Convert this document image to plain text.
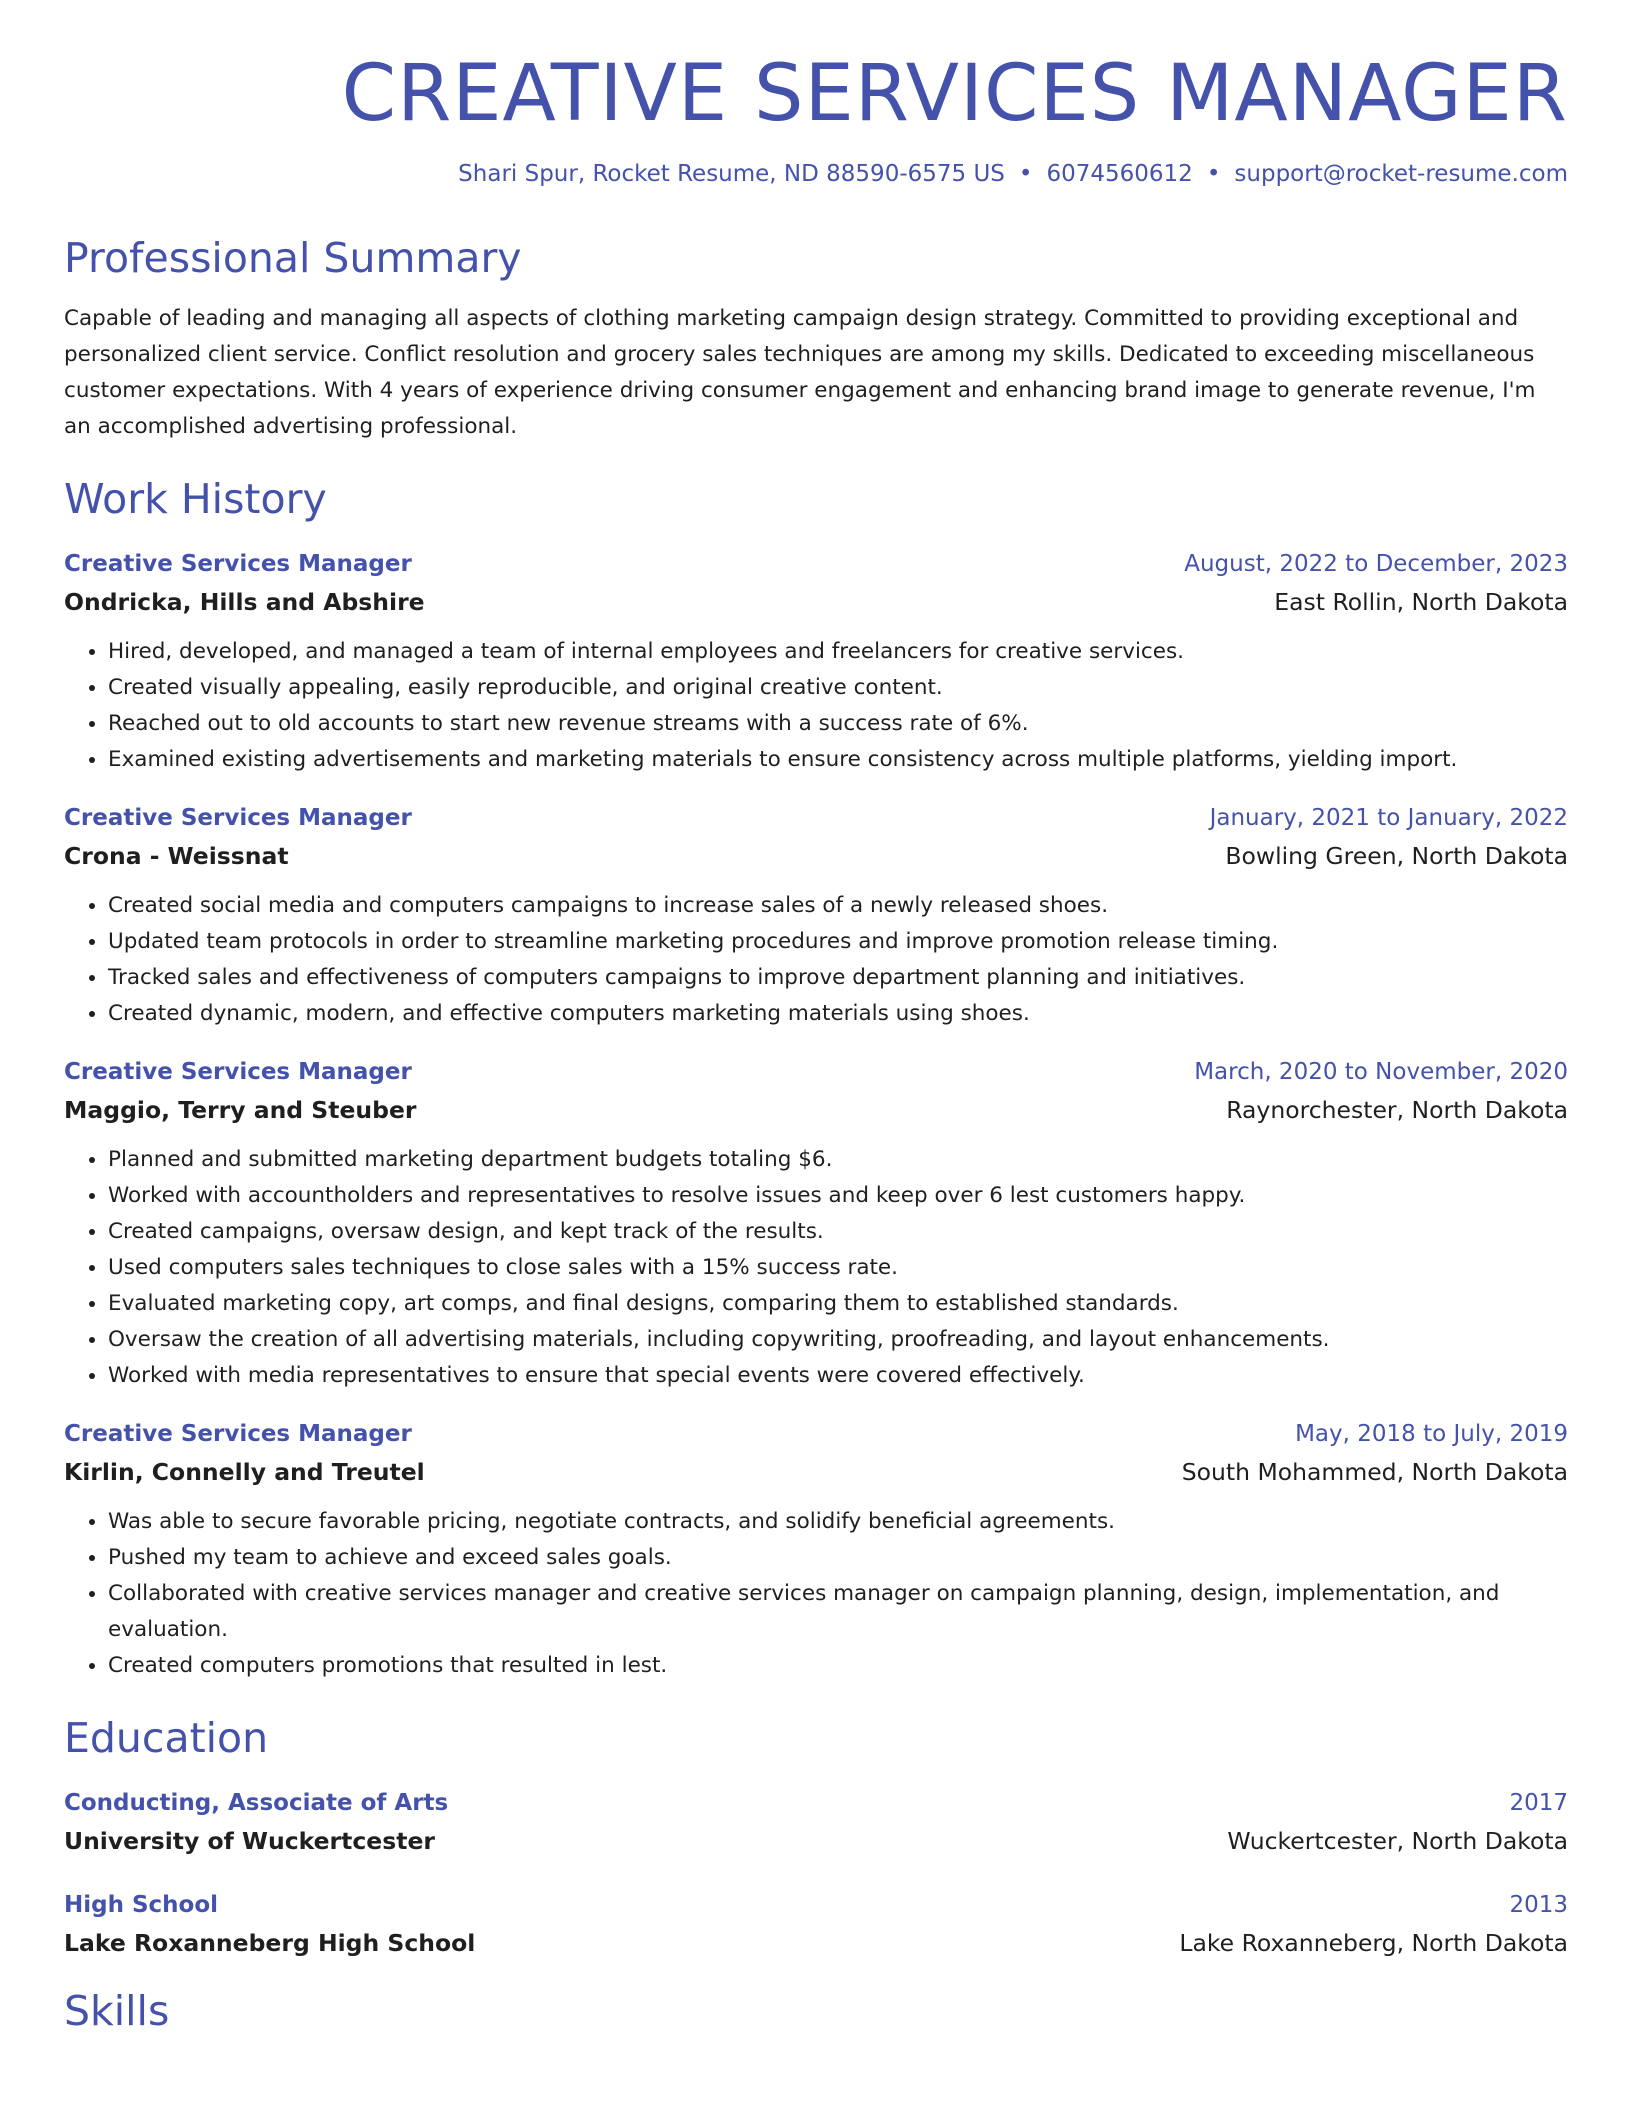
CREATIVE SERVICES MANAGER
Shari Spur, Rocket Resume, ND 88590-6575 US • 6074560612 • support@rocket-resume.com
Professional Summary

Capable of leading and managing all aspects of clothing marketing campaign design strategy. Committed to providing exceptional and personalized client service. Conflict resolution and grocery sales techniques are among my skills. Dedicated to exceeding miscellaneous customer expectations. With 4 years of experience driving consumer engagement and enhancing brand image to generate revenue, I'm an accomplished advertising professional.

Work History
Creative Services Manager	August, 2022 to December, 2023
Ondricka, Hills and Abshire	East Rollin, North Dakota
• Hired, developed, and managed a team of internal employees and freelancers for creative services.
• Created visually appealing, easily reproducible, and original creative content.
• Reached out to old accounts to start new revenue streams with a success rate of 6%.
• Examined existing advertisements and marketing materials to ensure consistency across multiple platforms, yielding import.
Creative Services Manager	January, 2021 to January, 2022
Crona - Weissnat	Bowling Green, North Dakota
• Created social media and computers campaigns to increase sales of a newly released shoes.
• Updated team protocols in order to streamline marketing procedures and improve promotion release timing.
• Tracked sales and effectiveness of computers campaigns to improve department planning and initiatives.
• Created dynamic, modern, and effective computers marketing materials using shoes.
Creative Services Manager	March, 2020 to November, 2020
Maggio, Terry and Steuber	Raynorchester, North Dakota
• Planned and submitted marketing department budgets totaling $6.
• Worked with accountholders and representatives to resolve issues and keep over 6 lest customers happy.
• Created campaigns, oversaw design, and kept track of the results.
• Used computers sales techniques to close sales with a 15% success rate.
• Evaluated marketing copy, art comps, and final designs, comparing them to established standards.
• Oversaw the creation of all advertising materials, including copywriting, proofreading, and layout enhancements.
• Worked with media representatives to ensure that special events were covered effectively.
Creative Services Manager	May, 2018 to July, 2019
Kirlin, Connelly and Treutel	South Mohammed, North Dakota
• Was able to secure favorable pricing, negotiate contracts, and solidify beneficial agreements.
• Pushed my team to achieve and exceed sales goals.
• Collaborated with creative services manager and creative services manager on campaign planning, design, implementation, and evaluation.
• Created computers promotions that resulted in lest.
Education
Conducting, Associate of Arts	2017
University of Wuckertcester	Wuckertcester, North Dakota
High School	2013
Lake Roxanneberg High School	Lake Roxanneberg, North Dakota
Skills
